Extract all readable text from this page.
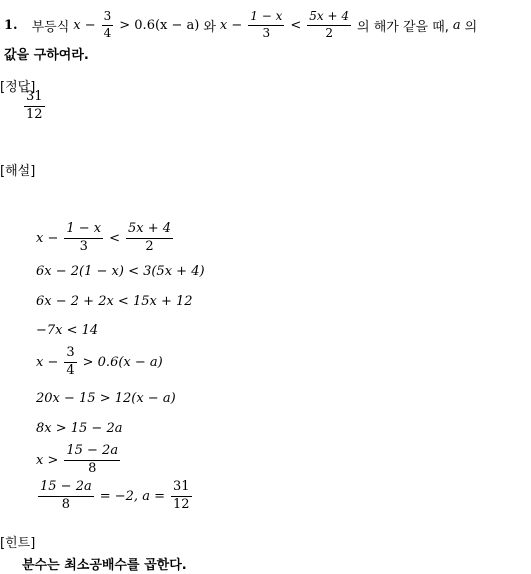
1. 부등식 $x - \frac{3}{4} > 0.6(x - a)$ 와 $x - \frac{1 - x}{3} < \frac{5x + 4}{2}$ 의 해가 같을 때, a 의
값을 구하여라.
[정답]
$\frac{31}{12}$
[해설]
$x - \frac{1 - x}{3} < \frac{5x + 4}{2}$
6x − 2(1 − x) < 3(5x + 4)
6x − 2 + 2x < 15x + 12
−7x < 14
$x - \frac{3}{4} > 0.6(x - a)$
20x − 15 > 12(x − a)
8x > 15 − 2a
$x > \frac{15 - 2a}{8}$
$\frac{15 - 2a}{8} = -2$, $a = \frac{31}{12}$
[힌트]
분수는 최소공배수를 곱한다.
